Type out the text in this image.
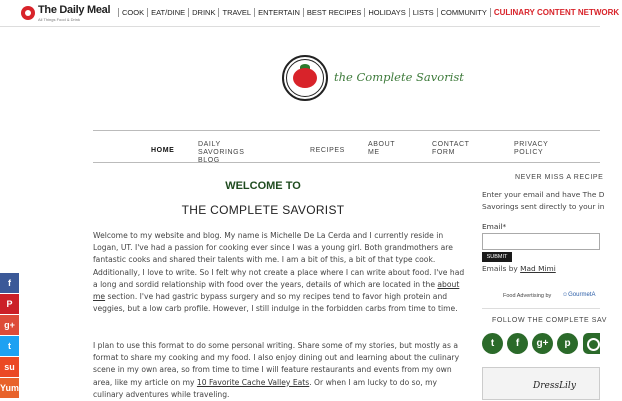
The Daily Meal
All Things Food & Drink
COOK EAT/DINE DRINK TRAVEL ENTERTAIN BEST RECIPES HOLIDAYS LISTS COMMUNITY CULINARY CONTENT NETWORK
the Complete Savorist
HOME
DAILY SAVORINGS BLOG
RECIPES
ABOUT ME
CONTACT FORM
PRIVACY POLICY
WELCOME TO
THE COMPLETE SAVORIST

Welcome to my website and blog. My name is Michelle De La Cerda and I currently reside in Logan, UT. I've had a passion for cooking ever since I was a young girl. Both grandmothers are fantastic cooks and shared their talents with me. I am a bit of this, a bit of that type cook. Additionally, I love to write. So I felt why not create a place where I can write about food. I've had a long and sordid relationship with food over the years, details of which are located in the about me section. I've had gastric bypass surgery and so my recipes tend to favor high protein and veggies, but a low carb profile. However, I still indulge in the forbidden carbs from time to time.

I plan to use this format to do some personal writing. Share some of my stories, but mostly as a format to share my cooking and my food. I also enjoy dining out and learning about the culinary scene in my own area, so from time to time I will feature restaurants and events from my own area, like my article on my 10 Favorite Cache Valley Eats. Or when I am lucky to do so, my culinary adventures while traveling.

NEVER MISS A RECIPE
Enter your email and have The D
Savorings sent directly to your in
Email*
SUBMIT
Emails by Mad Mimi
Food Advertising by ☺GourmetA
FOLLOW THE COMPLETE SAV
t	f	g+	p
DressLily
f
P
g+
t
su
Yum
